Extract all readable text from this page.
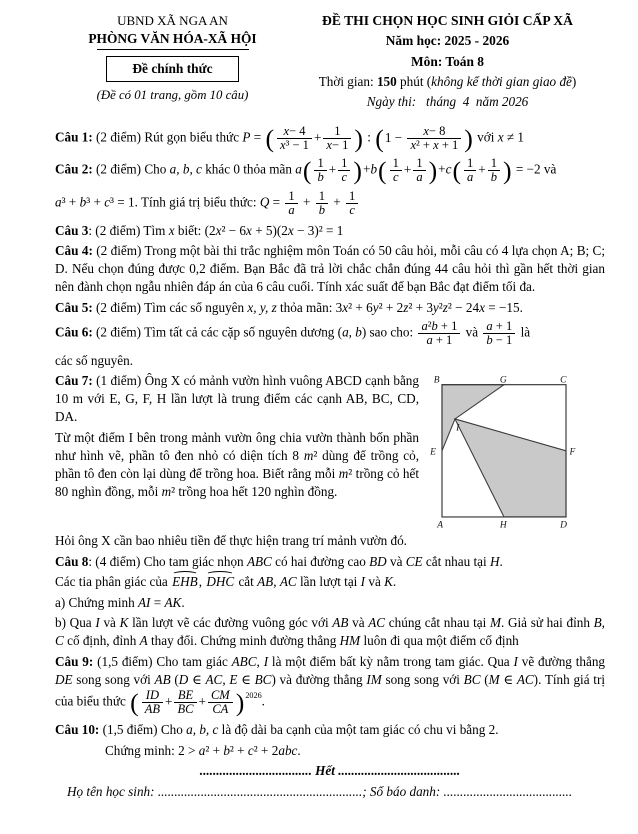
UBND XÃ NGA AN
PHÒNG VĂN HÓA-XÃ HỘI
Đề chính thức
(Đề có 01 trang, gồm 10 câu)
ĐỀ THI CHỌN HỌC SINH GIỎI CẤP XÃ
Năm học: 2025 - 2026
Môn: Toán 8
Thời gian: 150 phút (không kể thời gian giao đề)
Ngày thi:   tháng  4  năm 2026

Câu 1: (2 điểm) Rút gọn biểu thức P = ( $\frac{x- 4}{\text{x³ − 1}} + \frac{1}{x- 1}$ ) : ($1 - \frac{x- 8}{\text{x² + x + 1}}$ ) với x ≠ 1

Câu 2: (2 điểm) Cho a, b, c khác 0 thỏa mãn $a( \frac{1}{b} + \frac{1}{c} )+b( \frac{1}{c} + \frac{1}{a} )+c( \frac{1}{a} + \frac{1}{b}$ ) = −2 và

a³ + b³ + c³ = 1. Tính giá trị biểu thức: $Q = \frac{1}{a} + \frac{1}{b} + \frac{1}{c}$

Câu 3: (2 điểm) Tìm x biết: (2x² − 6x + 5)(2x − 3)² = 1

Câu 4: (2 điểm) Trong một bài thi trắc nghiệm môn Toán có 50 câu hỏi, mỗi câu có 4 lựa chọn A; B; C; D. Nếu chọn đúng được 0,2 điểm. Bạn Bắc đã trả lời chắc chắn đúng 44 câu hỏi thì gần hết thời gian nên đành chọn ngẫu nhiên đáp án của 6 câu cuối. Tính xác suất để bạn Bắc đạt điểm tối đa.

Câu 5: (2 điểm) Tìm các số nguyên x, y, z thỏa mãn: 3x² + 6y² + 2z² + 3y²z² − 24x = −15.

Câu 6: (2 điểm) Tìm tất cả các cặp số nguyên dương (a, b) sao cho: $\frac{\text{a²b + 1}}{a + 1}$ và $\frac{a + 1}{b - 1}$ là

các số nguyên.

B	G	C
E	F
I
A	H	D

Câu 7: (1 điểm) Ông X có mảnh vườn hình vuông ABCD cạnh bằng 10 m với E, G, F, H lần lượt là trung điểm các cạnh AB, BC, CD, DA.

Từ một điểm I bên trong mảnh vườn ông chia vườn thành bốn phần như hình vẽ, phần tô đen nhỏ có diện tích 8 m² dùng để trồng cỏ, phần tô đen còn lại dùng để trồng hoa. Biết rằng mỗi m² trồng cỏ hết 80 nghìn đồng, mỗi m² trồng hoa hết 120 nghìn đồng.

Hỏi ông X cần bao nhiêu tiền để thực hiện trang trí mảnh vườn đó.

Câu 8: (4 điểm) Cho tam giác nhọn ABC có hai đường cao BD và CE cắt nhau tại H.

Các tia phân giác của EHB, DHC cắt AB, AC lần lượt tại I và K.

a) Chứng minh AI = AK.

b) Qua I và K lần lượt vẽ các đường vuông góc với AB và AC chúng cắt nhau tại M. Giả sử hai đỉnh B, C cố định, đỉnh A thay đổi. Chứng minh đường thẳng HM luôn đi qua một điểm cố định

Câu 9: (1,5 điểm) Cho tam giác ABC, I là một điểm bất kỳ nằm trong tam giác. Qua I vẽ đường thẳng DE song song với AB (D ∈ AC, E ∈ BC) và đường thẳng IM song song với BC (M ∈ AC). Tính giá trị của biểu thức ( $\frac{ID}{AB} + \frac{BE}{BC} + \frac{CM}{CA} )^{2026}$.

Câu 10: (1,5 điểm) Cho a, b, c là độ dài ba cạnh của một tam giác có chu vi bằng 2.

Chứng minh: 2 > a² + b² + c² + 2abc.

.................................. Hết .....................................

Họ tên học sinh: ..............................................................; Số báo danh: .......................................
